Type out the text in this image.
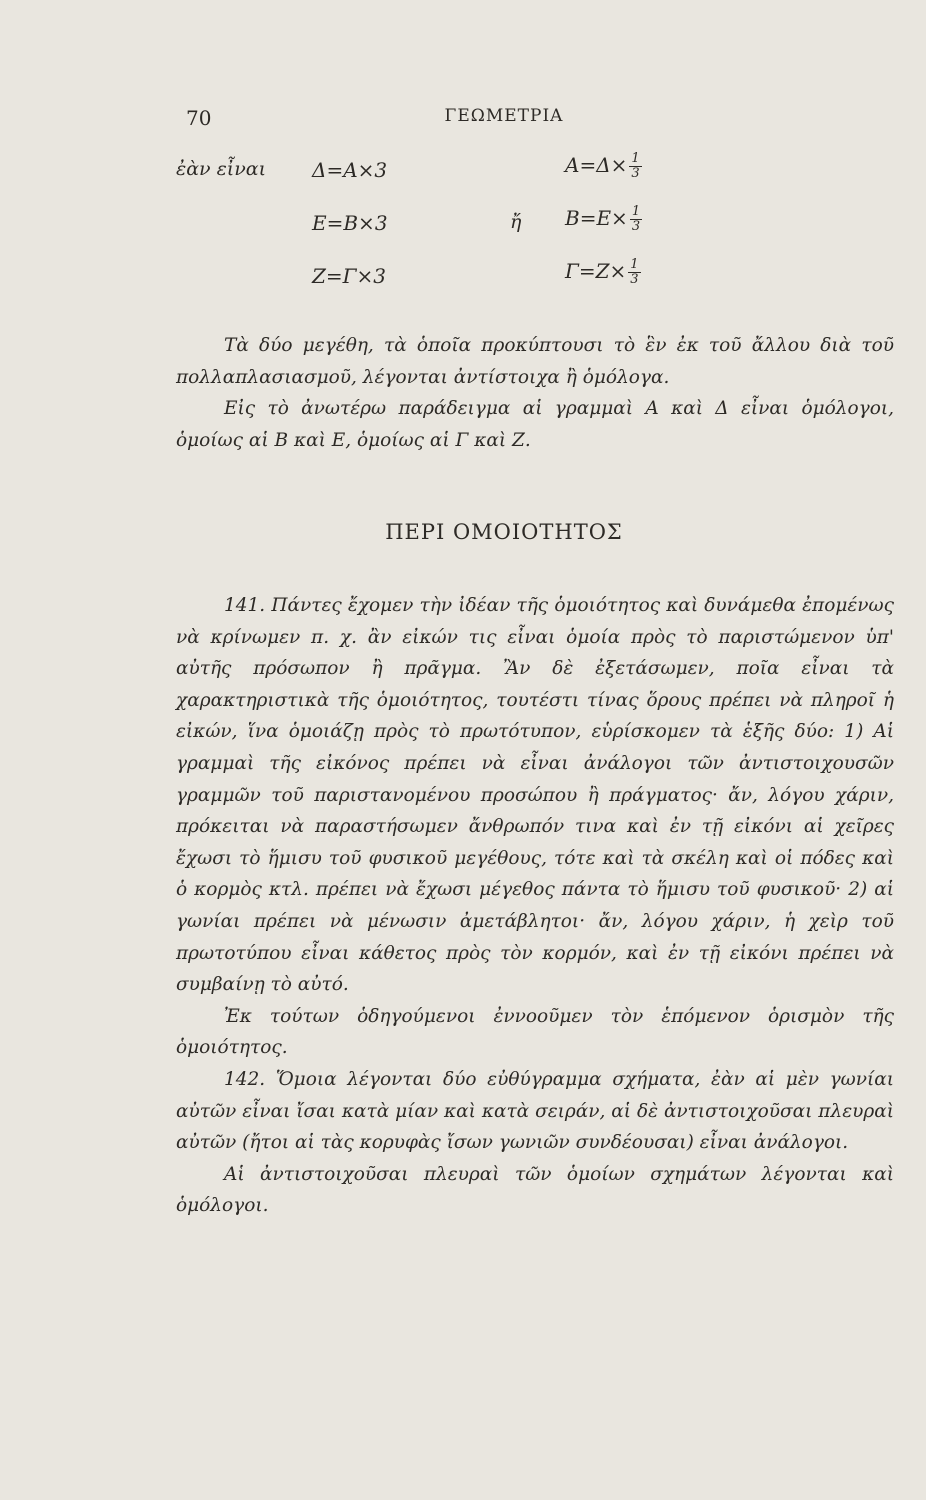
70	ΓΕΩΜΕΤΡΙΑ
ἐὰν εἶναι Δ=Α×3
Ε=Β×3
Ζ=Γ×3
ἤ
$A=\Delta\times \frac{1}{3}$
$B=E\times \frac{1}{3}$
$\Gamma=Z\times \frac{1}{3}$

Τὰ δύο μεγέθη, τὰ ὁποῖα προκύπτουσι τὸ ἓν ἐκ τοῦ ἄλλου διὰ τοῦ πολλαπλασιασμοῦ, λέγονται ἀντίστοιχα ἢ ὁμόλογα.

Εἰς τὸ ἀνωτέρω παράδειγμα αἱ γραμμαὶ Α καὶ Δ εἶναι ὁμόλογοι, ὁμοίως αἱ Β καὶ Ε, ὁμοίως αἱ Γ καὶ Ζ.

ΠΕΡΙ ΟΜΟΙΟΤΗΤΟΣ

141. Πάντες ἔχομεν τὴν ἰδέαν τῆς ὁμοιότητος καὶ δυνάμεθα ἐπομένως νὰ κρίνωμεν π. χ. ἂν εἰκών τις εἶναι ὁμοία πρὸς τὸ παριστώμενον ὑπ' αὐτῆς πρόσωπον ἢ πρᾶγμα. Ἂν δὲ ἐξετάσωμεν, ποῖα εἶναι τὰ χαρακτηριστικὰ τῆς ὁμοιότητος, τουτέστι τίνας ὅρους πρέπει νὰ πληροῖ ἡ εἰκών, ἵνα ὁμοιάζῃ πρὸς τὸ πρωτότυπον, εὑρίσκομεν τὰ ἑξῆς δύο: 1) Αἱ γραμμαὶ τῆς εἰκόνος πρέπει νὰ εἶναι ἀνάλογοι τῶν ἀντιστοιχουσῶν γραμμῶν τοῦ παριστανομένου προσώπου ἢ πράγματος· ἄν, λόγου χάριν, πρόκειται νὰ παραστήσωμεν ἄνθρωπόν τινα καὶ ἐν τῇ εἰκόνι αἱ χεῖρες ἔχωσι τὸ ἥμισυ τοῦ φυσικοῦ μεγέθους, τότε καὶ τὰ σκέλη καὶ οἱ πόδες καὶ ὁ κορμὸς κτλ. πρέπει νὰ ἔχωσι μέγεθος πάντα τὸ ἥμισυ τοῦ φυσικοῦ· 2) αἱ γωνίαι πρέπει νὰ μένωσιν ἀμετάβλητοι· ἄν, λόγου χάριν, ἡ χεὶρ τοῦ πρωτοτύπου εἶναι κάθετος πρὸς τὸν κορμόν, καὶ ἐν τῇ εἰκόνι πρέπει νὰ συμβαίνῃ τὸ αὐτό.

Ἐκ τούτων ὁδηγούμενοι ἐννοοῦμεν τὸν ἑπόμενον ὁρισμὸν τῆς ὁμοιότητος.

142. Ὅμοια λέγονται δύο εὐθύγραμμα σχήματα, ἐὰν αἱ μὲν γωνίαι αὐτῶν εἶναι ἴσαι κατὰ μίαν καὶ κατὰ σειράν, αἱ δὲ ἀντιστοιχοῦσαι πλευραὶ αὐτῶν (ἤτοι αἱ τὰς κορυφὰς ἴσων γωνιῶν συνδέουσαι) εἶναι ἀνάλογοι.

Αἱ ἀντιστοιχοῦσαι πλευραὶ τῶν ὁμοίων σχημάτων λέγονται καὶ ὁμόλογοι.
